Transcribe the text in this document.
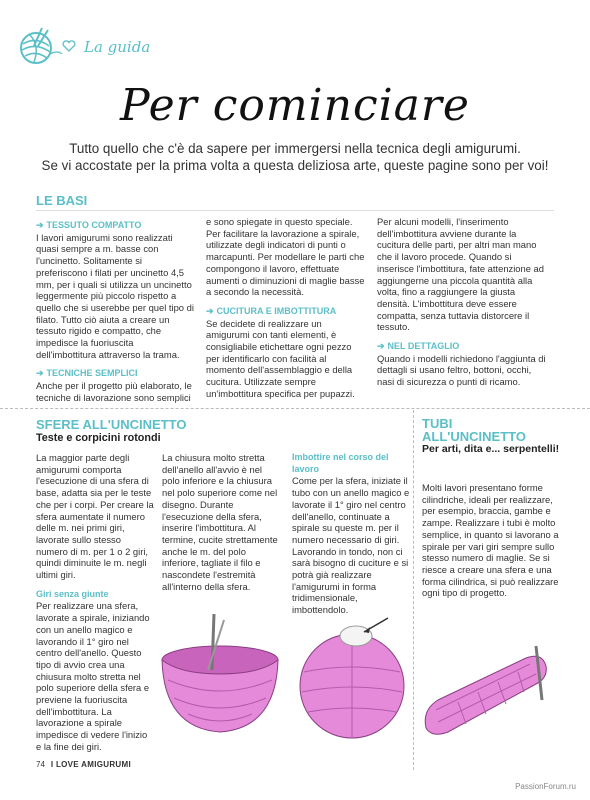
La guida
Per cominciare
Tutto quello che c'è da sapere per immergersi nella tecnica degli amigurumi.
Se vi accostate per la prima volta a questa deliziosa arte, queste pagine sono per voi!
LE BASI
➔ TESSUTO COMPATTO

I lavori amigurumi sono realizzati quasi sempre a m. basse con l'uncinetto. Solitamente si preferiscono i filati per uncinetto 4,5 mm, per i quali si utilizza un uncinetto leggermente più piccolo rispetto a quello che si userebbe per quel tipo di filato. Tutto ciò aiuta a creare un tessuto rigido e compatto, che impedisce la fuoriuscita dell'imbottitura attraverso la trama.

➔ TECNICHE SEMPLICI

Anche per il progetto più elaborato, le tecniche di lavorazione sono semplici

e sono spiegate in questo speciale. Per facilitare la lavorazione a spirale, utilizzate degli indicatori di punti o marcapunti. Per modellare le parti che compongono il lavoro, effettuate aumenti o diminuzioni di maglie basse a secondo la necessità.

➔ CUCITURA E IMBOTTITURA

Se decidete di realizzare un amigurumi con tanti elementi, è consigliabile etichettare ogni pezzo per identificarlo con facilità al momento dell'assemblaggio e della cucitura. Utilizzate sempre un'imbottitura specifica per pupazzi.

Per alcuni modelli, l'inserimento dell'imbottitura avviene durante la cucitura delle parti, per altri man mano che il lavoro procede. Quando si inserisce l'imbottitura, fate attenzione ad aggiungerne una piccola quantità alla volta, fino a raggiungere la giusta densità. L'imbottitura deve essere compatta, senza tuttavia distorcere il tessuto.

➔ NEL DETTAGLIO

Quando i modelli richiedono l'aggiunta di dettagli si usano feltro, bottoni, occhi, nasi di sicurezza o punti di ricamo.

SFERE ALL'UNCINETTO
Teste e corpicini rotondi

La maggior parte degli amigurumi comporta l'esecuzione di una sfera di base, adatta sia per le teste che per i corpi. Per creare la sfera aumentate il numero delle m. nei primi giri, lavorate sullo stesso numero di m. per 1 o 2 giri, quindi diminuite le m. negli ultimi giri.

Giri senza giunte

Per realizzare una sfera, lavorate a spirale, iniziando con un anello magico e lavorando il 1° giro nel centro dell'anello. Questo tipo di avvio crea una chiusura molto stretta nel polo superiore della sfera e previene la fuoriuscita dell'imbottitura. La lavorazione a spirale impedisce di vedere l'inizio e la fine dei giri.

La chiusura molto stretta dell'anello all'avvio è nel polo inferiore e la chiusura nel polo superiore come nel disegno. Durante l'esecuzione della sfera, inserire l'imbottitura. Al termine, cucite strettamente anche le m. del polo inferiore, tagliate il filo e nascondete l'estremità all'interno della sfera.

Imbottire nel corso del lavoro

Come per la sfera, iniziate il tubo con un anello magico e lavorate il 1° giro nel centro dell'anello, continuate a spirale su queste m. per il numero necessario di giri. Lavorando in tondo, non ci sarà bisogno di cuciture e si potrà già realizzare l'amigurumi in forma tridimensionale, imbottendolo.

TUBI
ALL'UNCINETTO
Per arti, dita e... serpentelli!

Molti lavori presentano forme cilindriche, ideali per realizzare, per esempio, braccia, gambe e zampe. Realizzare i tubi è molto semplice, in quanto si lavorano a spirale per vari giri sempre sullo stesso numero di maglie. Se si riesce a creare una sfera e una forma cilindrica, si può realizzare ogni tipo di progetto.

74 I LOVE AMIGURUMI
PassionForum.ru
